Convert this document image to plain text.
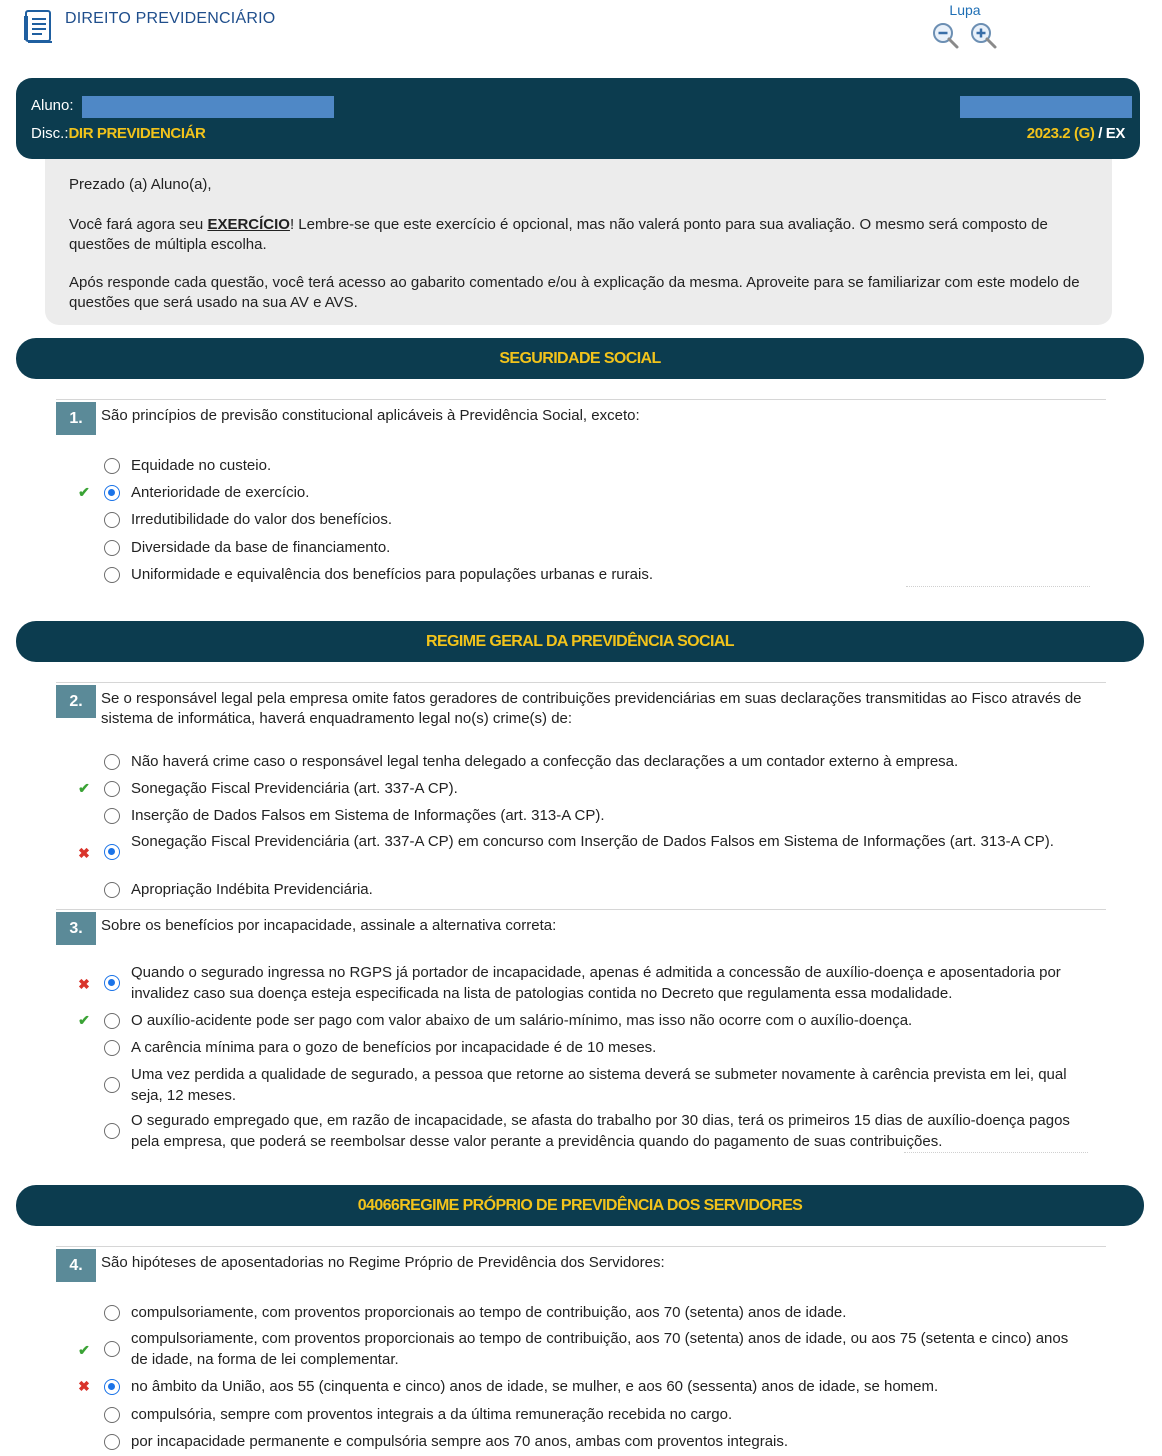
DIREITO PREVIDENCIÁRIO	Lupa
Aluno:
Disc.:DIR PREVIDENCIÁR	2023.2 (G) / EX

Prezado (a) Aluno(a),

Você fará agora seu EXERCÍCIO! Lembre-se que este exercício é opcional, mas não valerá ponto para sua avaliação. O mesmo será composto de questões de múltipla escolha.

Após responde cada questão, você terá acesso ao gabarito comentado e/ou à explicação da mesma. Aproveite para se familiarizar com este modelo de questões que será usado na sua AV e AVS.

SEGURIDADE SOCIAL
1.	São princípios de previsão constitucional aplicáveis à Previdência Social, exceto:
Equidade no custeio.
✔	Anterioridade de exercício.
Irredutibilidade do valor dos benefícios.
Diversidade da base de financiamento.
Uniformidade e equivalência dos benefícios para populações urbanas e rurais.
REGIME GERAL DA PREVIDÊNCIA SOCIAL
2.	Se o responsável legal pela empresa omite fatos geradores de contribuições previdenciárias em suas declarações transmitidas ao Fisco através de sistema de informática, haverá enquadramento legal no(s) crime(s) de:
Não haverá crime caso o responsável legal tenha delegado a confecção das declarações a um contador externo à empresa.
✔	Sonegação Fiscal Previdenciária (art. 337-A CP).
Inserção de Dados Falsos em Sistema de Informações (art. 313-A CP).
✖
Sonegação Fiscal Previdenciária (art. 337-A CP) em concurso com Inserção de Dados Falsos em Sistema de Informações (art. 313-A CP).
Apropriação Indébita Previdenciária.
3.	Sobre os benefícios por incapacidade, assinale a alternativa correta:
✖
Quando o segurado ingressa no RGPS já portador de incapacidade, apenas é admitida a concessão de auxílio-doença e aposentadoria por invalidez caso sua doença esteja especificada na lista de patologias contida no Decreto que regulamenta essa modalidade.
✔	O auxílio-acidente pode ser pago com valor abaixo de um salário-mínimo, mas isso não ocorre com o auxílio-doença.
A carência mínima para o gozo de benefícios por incapacidade é de 10 meses.
Uma vez perdida a qualidade de segurado, a pessoa que retorne ao sistema deverá se submeter novamente à carência prevista em lei, qual seja, 12 meses.
O segurado empregado que, em razão de incapacidade, se afasta do trabalho por 30 dias, terá os primeiros 15 dias de auxílio-doença pagos pela empresa, que poderá se reembolsar desse valor perante a previdência quando do pagamento de suas contribuições.
04066REGIME PRÓPRIO DE PREVIDÊNCIA DOS SERVIDORES
4.	São hipóteses de aposentadorias no Regime Próprio de Previdência dos Servidores:
compulsoriamente, com proventos proporcionais ao tempo de contribuição, aos 70 (setenta) anos de idade.
✔
compulsoriamente, com proventos proporcionais ao tempo de contribuição, aos 70 (setenta) anos de idade, ou aos 75 (setenta e cinco) anos de idade, na forma de lei complementar.
✖	no âmbito da União, aos 55 (cinquenta e cinco) anos de idade, se mulher, e aos 60 (sessenta) anos de idade, se homem.
compulsória, sempre com proventos integrais a da última remuneração recebida no cargo.
por incapacidade permanente e compulsória sempre aos 70 anos, ambas com proventos integrais.
